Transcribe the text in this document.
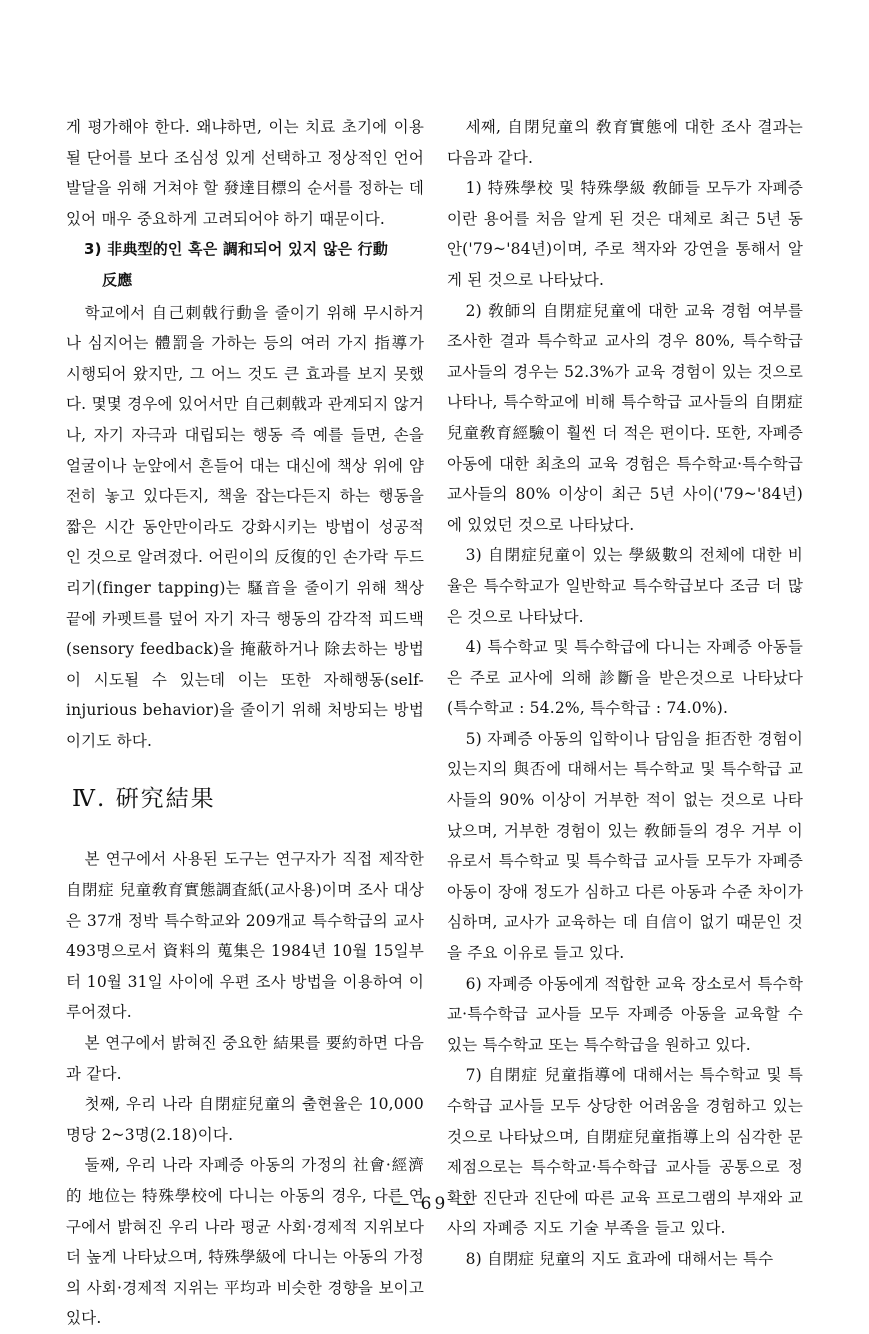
게 평가해야 한다. 왜냐하면, 이는 치료 초기에 이용될 단어를 보다 조심성 있게 선택하고 정상적인 언어 발달을 위해 거쳐야 할 發達目標의 순서를 정하는 데 있어 매우 중요하게 고려되어야 하기 때문이다.

3) 非典型的인 혹은 調和되어 있지 않은 行動

反應

학교에서 自己刺戟行動을 줄이기 위해 무시하거나 심지어는 體罰을 가하는 등의 여러 가지 指導가 시행되어 왔지만, 그 어느 것도 큰 효과를 보지 못했다. 몇몇 경우에 있어서만 自己刺戟과 관계되지 않거나, 자기 자극과 대립되는 행동 즉 예를 들면, 손을 얼굴이나 눈앞에서 흔들어 대는 대신에 책상 위에 얌전히 놓고 있다든지, 책울 잡는다든지 하는 행동을 짧은 시간 동안만이라도 강화시키는 방법이 성공적인 것으로 알려졌다. 어린이의 反復的인 손가락 두드리기(finger tapping)는 騷音을 줄이기 위해 책상 끝에 카펫트를 덮어 자기 자극 행동의 감각적 피드백(sensory feedback)을 掩蔽하거나 除去하는 방법이 시도될 수 있는데 이는 또한 자해행동(self-injurious behavior)을 줄이기 위해 처방되는 방법이기도 하다.

Ⅳ. 硏究結果

본 연구에서 사용된 도구는 연구자가 직접 제작한 自閉症 兒童敎育實態調査紙(교사용)이며 조사 대상은 37개 정박 특수학교와 209개교 특수학급의 교사 493명으로서 資料의 蒐集은 1984년 10월 15일부터 10월 31일 사이에 우편 조사 방법을 이용하여 이루어졌다.

본 연구에서 밝혀진 중요한 結果를 要約하면 다음과 같다.

첫째, 우리 나라 自閉症兒童의 출현율은 10,000명당 2~3명(2.18)이다.

둘째, 우리 나라 자폐증 아동의 가정의 社會·經濟的 地位는 特殊學校에 다니는 아동의 경우, 다른 연구에서 밝혀진 우리 나라 평균 사회·경제적 지위보다 더 높게 나타났으며, 特殊學級에 다니는 아동의 가정의 사회·경제적 지위는 平均과 비슷한 경향을 보이고 있다.

세째, 自閉兒童의 敎育實態에 대한 조사 결과는 다음과 같다.

1) 特殊學校 및 特殊學級 敎師들 모두가 자폐증이란 용어를 처음 알게 된 것은 대체로 최근 5년 동안('79~'84년)이며, 주로 책자와 강연을 통해서 알게 된 것으로 나타났다.

2) 敎師의 自閉症兒童에 대한 교육 경험 여부를 조사한 결과 특수학교 교사의 경우 80%, 특수학급 교사들의 경우는 52.3%가 교육 경험이 있는 것으로 나타나, 특수학교에 비해 특수학급 교사들의 自閉症 兒童敎育經驗이 훨씬 더 적은 편이다. 또한, 자폐증 아동에 대한 최초의 교육 경험은 특수학교·특수학급 교사들의 80% 이상이 최근 5년 사이('79~'84년)에 있었던 것으로 나타났다.

3) 自閉症兒童이 있는 學級數의 전체에 대한 비율은 특수학교가 일반학교 특수학급보다 조금 더 많은 것으로 나타났다.

4) 특수학교 및 특수학급에 다니는 자폐증 아동들은 주로 교사에 의해 診斷을 받은것으로 나타났다(특수학교 : 54.2%, 특수학급 : 74.0%).

5) 자폐증 아동의 입학이나 담임을 拒否한 경험이 있는지의 與否에 대해서는 특수학교 및 특수학급 교사들의 90% 이상이 거부한 적이 없는 것으로 나타났으며, 거부한 경험이 있는 敎師들의 경우 거부 이유로서 특수학교 및 특수학급 교사들 모두가 자폐증 아동이 장애 정도가 심하고 다른 아동과 수준 차이가 심하며, 교사가 교육하는 데 自信이 없기 때문인 것을 주요 이유로 들고 있다.

6) 자폐증 아동에게 적합한 교육 장소로서 특수학교·특수학급 교사들 모두 자폐증 아동을 교육할 수 있는 특수학교 또는 특수학급을 원하고 있다.

7) 自閉症 兒童指導에 대해서는 특수학교 및 특수학급 교사들 모두 상당한 어려움을 경험하고 있는 것으로 나타났으며, 自閉症兒童指導上의 심각한 문제점으로는 특수학교·특수학급 교사들 공통으로 정확한 진단과 진단에 따른 교육 프로그램의 부재와 교사의 자폐증 지도 기술 부족을 들고 있다.

8) 自閉症 兒童의 지도 효과에 대해서는 특수

— 69 —
